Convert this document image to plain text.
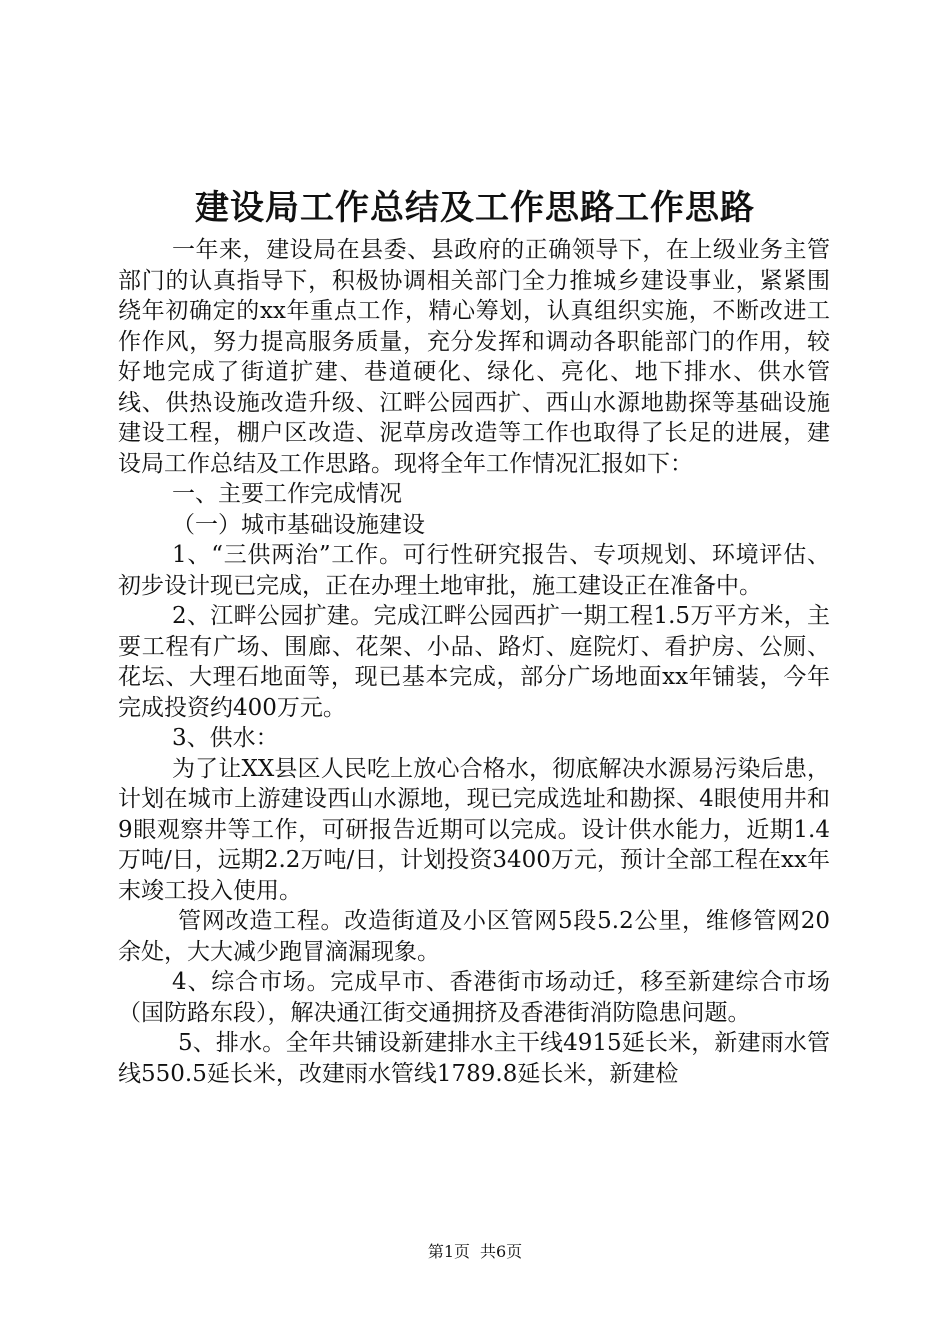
建设局工作总结及工作思路工作思路

一年来，建设局在县委、县政府的正确领导下，在上级业务主管部门的认真指导下，积极协调相关部门全力推城乡建设事业，紧紧围绕年初确定的xx年重点工作，精心筹划，认真组织实施，不断改进工作作风，努力提高服务质量，充分发挥和调动各职能部门的作用，较好地完成了街道扩建、巷道硬化、绿化、亮化、地下排水、供水管线、供热设施改造升级、江畔公园西扩、西山水源地勘探等基础设施建设工程，棚户区改造、泥草房改造等工作也取得了长足的进展，建设局工作总结及工作思路。现将全年工作情况汇报如下：

一、主要工作完成情况

（一）城市基础设施建设

1、“三供两治”工作。可行性研究报告、专项规划、环境评估、初步设计现已完成，正在办理土地审批，施工建设正在准备中。

2、江畔公园扩建。完成江畔公园西扩一期工程1.5万平方米，主要工程有广场、围廊、花架、小品、路灯、庭院灯、看护房、公厕、花坛、大理石地面等，现已基本完成，部分广场地面xx年铺装，今年完成投资约400万元。

3、供水：

为了让XX县区人民吃上放心合格水，彻底解决水源易污染后患，计划在城市上游建设西山水源地，现已完成选址和勘探、4眼使用井和9眼观察井等工作，可研报告近期可以完成。设计供水能力，近期1.4万吨/日，远期2.2万吨/日，计划投资3400万元，预计全部工程在xx年末竣工投入使用。

管网改造工程。改造街道及小区管网5段5.2公里，维修管网20余处，大大减少跑冒滴漏现象。

4、综合市场。完成早市、香港街市场动迁，移至新建综合市场（国防路东段），解决通江街交通拥挤及香港街消防隐患问题。

5、排水。全年共铺设新建排水主干线4915延长米，新建雨水管线550.5延长米，改建雨水管线1789.8延长米，新建检

第1页 共6页
